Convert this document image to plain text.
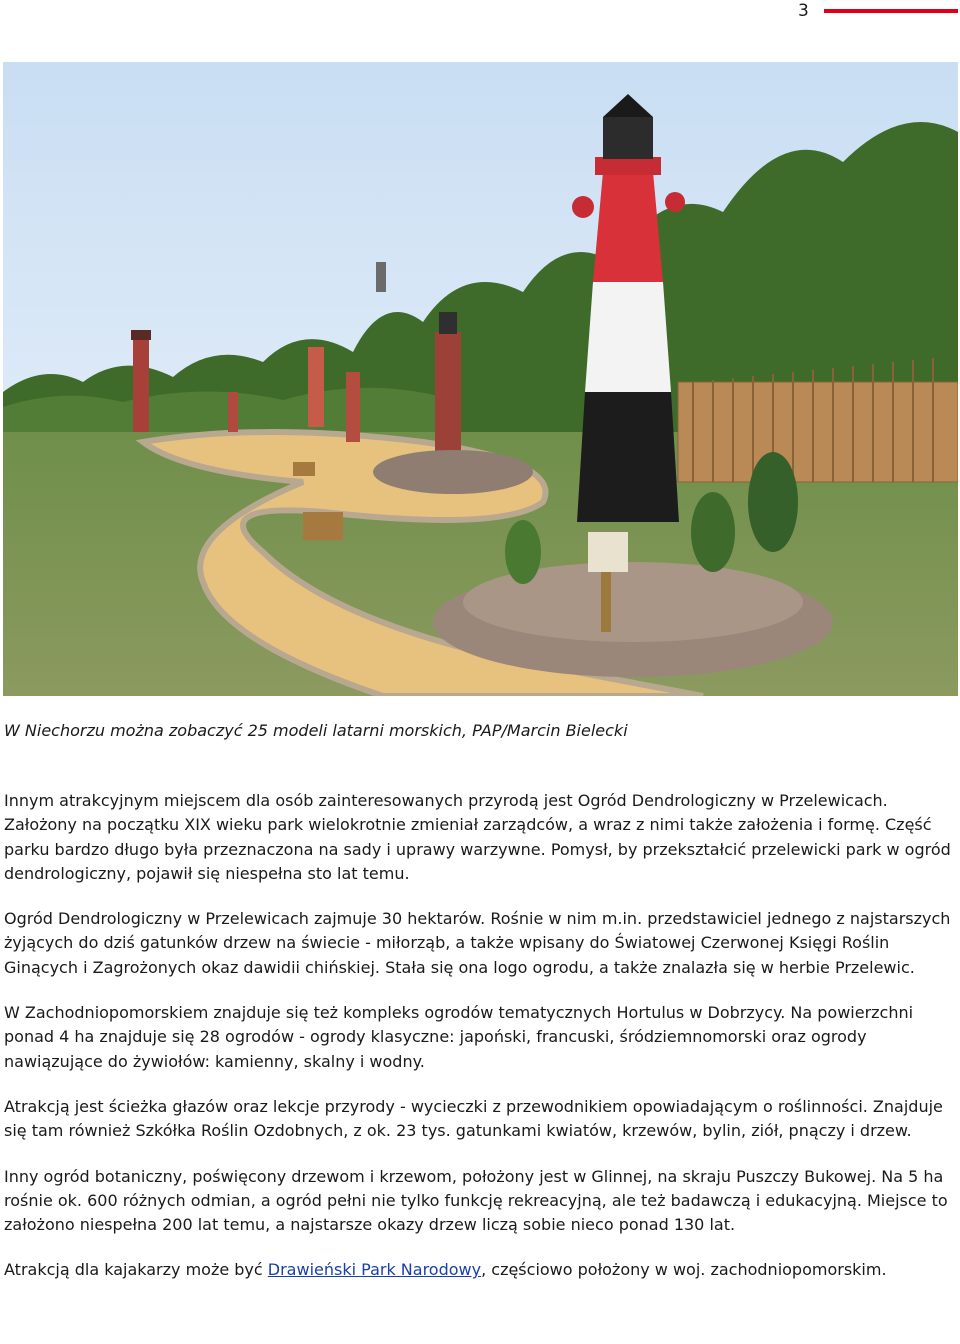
3
W Niechorzu można zobaczyć 25 modeli latarni morskich, PAP/Marcin Bielecki

Innym atrakcyjnym miejscem dla osób zainteresowanych przyrodą jest Ogród Dendrologiczny w Przelewicach. Założony na początku XIX wieku park wielokrotnie zmieniał zarządców, a wraz z nimi także założenia i formę. Część parku bardzo długo była przeznaczona na sady i uprawy warzywne. Pomysł, by przekształcić przelewicki park w ogród dendrologiczny, pojawił się niespełna sto lat temu.

Ogród Dendrologiczny w Przelewicach zajmuje 30 hektarów. Rośnie w nim m.in. przedstawiciel jednego z najstarszych żyjących do dziś gatunków drzew na świecie - miłorząb, a także wpisany do Światowej Czerwonej Księgi Roślin Ginących i Zagrożonych okaz dawidii chińskiej. Stała się ona logo ogrodu, a także znalazła się w herbie Przelewic.

W Zachodniopomorskiem znajduje się też kompleks ogrodów tematycznych Hortulus w Dobrzycy. Na powierzchni ponad 4 ha znajduje się 28 ogrodów - ogrody klasyczne: japoński, francuski, śródziemnomorski oraz ogrody nawiązujące do żywiołów: kamienny, skalny i wodny.

Atrakcją jest ścieżka głazów oraz lekcje przyrody - wycieczki z przewodnikiem opowiadającym o roślinności. Znajduje się tam również Szkółka Roślin Ozdobnych, z ok. 23 tys. gatunkami kwiatów, krzewów, bylin, ziół, pnączy i drzew.

Inny ogród botaniczny, poświęcony drzewom i krzewom, położony jest w Glinnej, na skraju Puszczy Bukowej. Na 5 ha rośnie ok. 600 różnych odmian, a ogród pełni nie tylko funkcję rekreacyjną, ale też badawczą i edukacyjną. Miejsce to założono niespełna 200 lat temu, a najstarsze okazy drzew liczą sobie nieco ponad 130 lat.

Atrakcją dla kajakarzy może być Drawieński Park Narodowy, częściowo położony w woj. zachodniopomorskim.
